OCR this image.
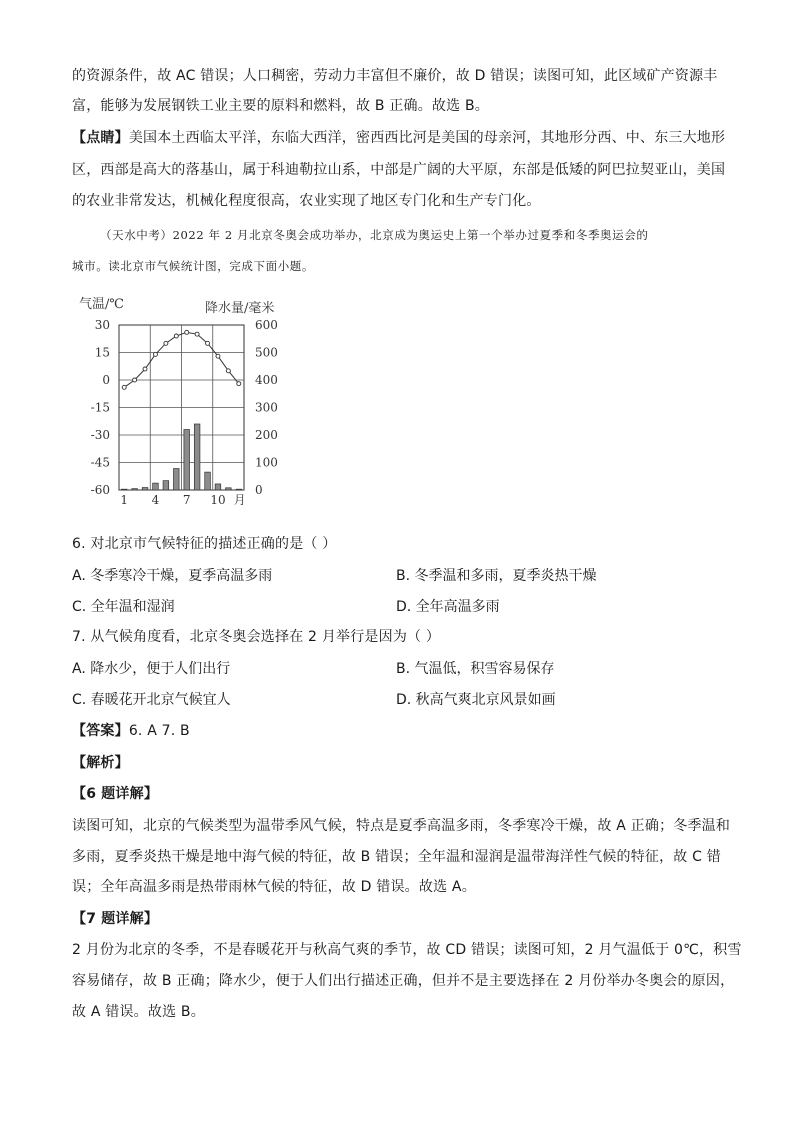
的资源条件，故 AC 错误；人口稠密，劳动力丰富但不廉价，故 D 错误；读图可知，此区域矿产资源丰
富，能够为发展钢铁工业主要的原料和燃料，故 B 正确。故选 B。
【点睛】美国本土西临太平洋，东临大西洋，密西西比河是美国的母亲河，其地形分西、中、东三大地形
区，西部是高大的落基山，属于科迪勒拉山系，中部是广阔的大平原，东部是低矮的阿巴拉契亚山，美国
的农业非常发达，机械化程度很高，农业实现了地区专门化和生产专门化。
（天水中考）2022 年 2 月北京冬奥会成功举办，北京成为奥运史上第一个举办过夏季和冬季奥运会的
城市。读北京市气候统计图，完成下面小题。
30
15
0
-15
-30
-45
-60
600
500
400
300
200
100
0
1 4 7 10 月
气温/℃	降水量/毫米
6. 对北京市气候特征的描述正确的是（ ）
A. 冬季寒冷干燥，夏季高温多雨	B. 冬季温和多雨，夏季炎热干燥
C. 全年温和湿润	D. 全年高温多雨
7. 从气候角度看，北京冬奥会选择在 2 月举行是因为（ ）
A. 降水少，便于人们出行	B. 气温低，积雪容易保存
C. 春暖花开北京气候宜人	D. 秋高气爽北京风景如画
【答案】6. A 7. B
【解析】
【6 题详解】
读图可知，北京的气候类型为温带季风气候，特点是夏季高温多雨，冬季寒冷干燥，故 A 正确；冬季温和
多雨，夏季炎热干燥是地中海气候的特征，故 B 错误；全年温和湿润是温带海洋性气候的特征，故 C 错
误；全年高温多雨是热带雨林气候的特征，故 D 错误。故选 A。
【7 题详解】
2 月份为北京的冬季，不是春暖花开与秋高气爽的季节，故 CD 错误；读图可知，2 月气温低于 0℃，积雪
容易储存，故 B 正确；降水少，便于人们出行描述正确，但并不是主要选择在 2 月份举办冬奥会的原因，
故 A 错误。故选 B。
